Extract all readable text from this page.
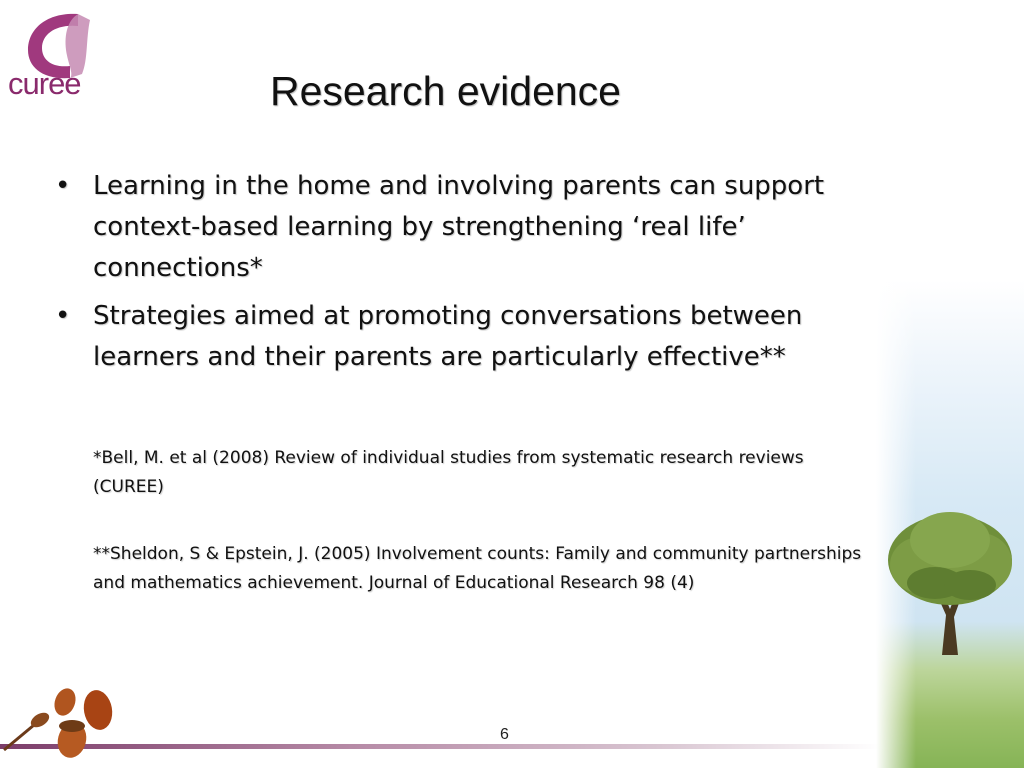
curee	Research evidence
• Learning in the home and involving parents can support context-based learning by strengthening ‘real life’ connections*
• Strategies aimed at promoting conversations between learners and their parents are particularly effective**
*Bell, M. et al (2008) Review of individual studies from systematic research reviews (CUREE)
**Sheldon, S & Epstein, J. (2005) Involvement counts: Family and community partnerships and mathematics achievement. Journal of Educational Research 98 (4)
6
